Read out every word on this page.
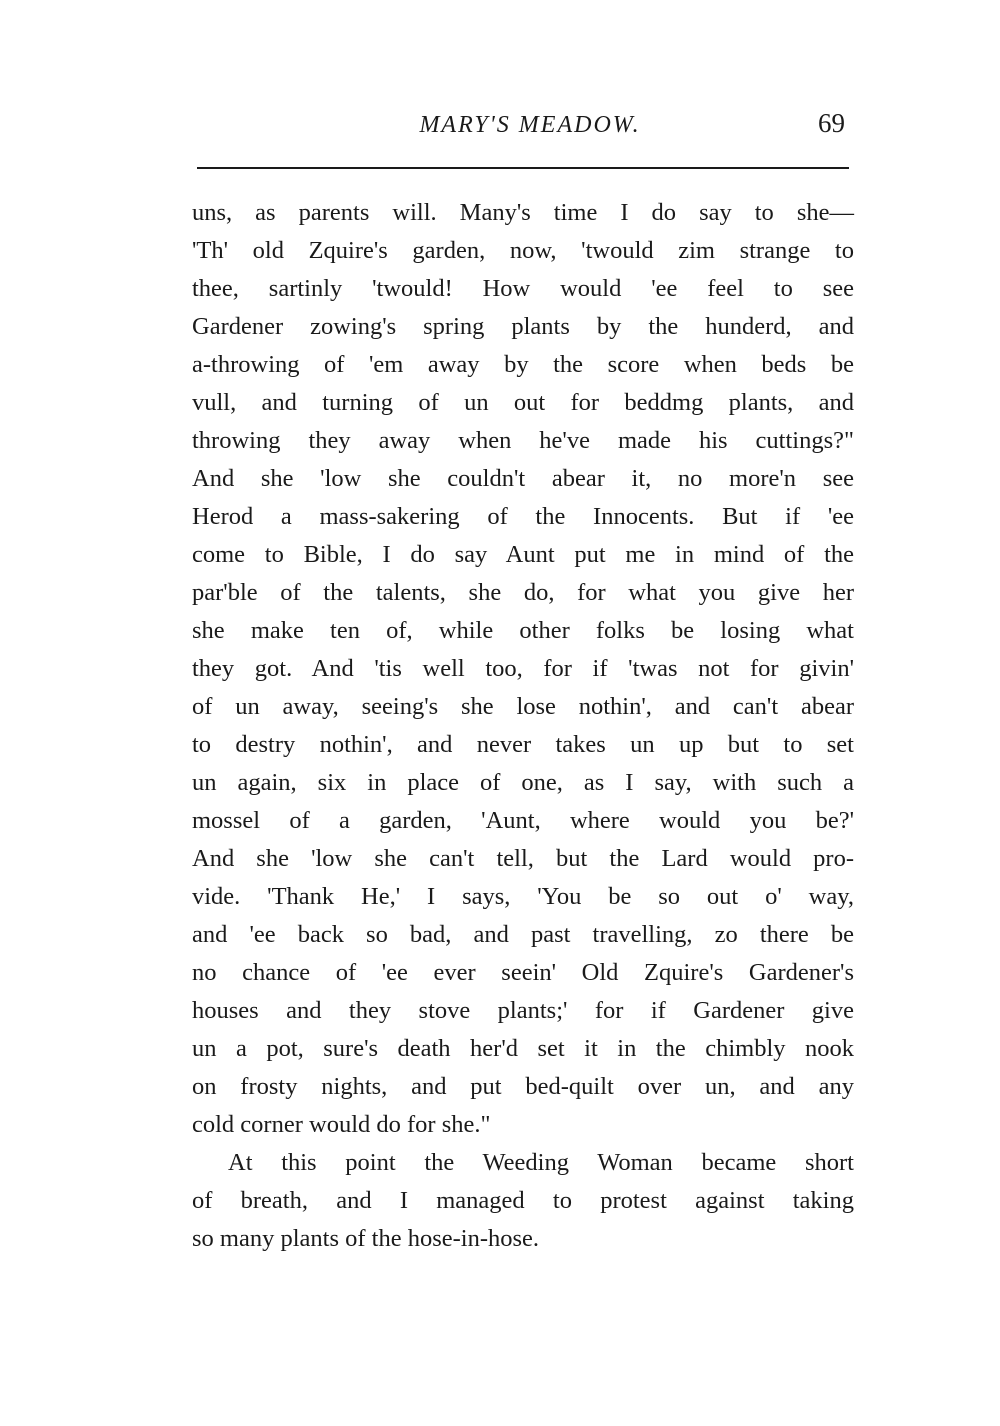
MARY'S MEADOW.	69
uns, as parents will. Many's time I do say to she—
'Th' old Zquire's garden, now, 'twould zim strange to
thee, sartinly 'twould! How would 'ee feel to see
Gardener zowing's spring plants by the hunderd, and
a-throwing of 'em away by the score when beds be
vull, and turning of un out for beddmg plants, and
throwing they away when he've made his cuttings?"
And she 'low she couldn't abear it, no more'n see
Herod a mass-sakering of the Innocents. But if 'ee
come to Bible, I do say Aunt put me in mind of the
par'ble of the talents, she do, for what you give her
she make ten of, while other folks be losing what
they got. And 'tis well too, for if 'twas not for givin'
of un away, seeing's she lose nothin', and can't abear
to destry nothin', and never takes un up but to set
un again, six in place of one, as I say, with such a
mossel of a garden, 'Aunt, where would you be?'
And she 'low she can't tell, but the Lard would pro-
vide. 'Thank He,' I says, 'You be so out o' way,
and 'ee back so bad, and past travelling, zo there be
no chance of 'ee ever seein' Old Zquire's Gardener's
houses and they stove plants;' for if Gardener give
un a pot, sure's death her'd set it in the chimbly nook
on frosty nights, and put bed-quilt over un, and any
cold corner would do for she."
At this point the Weeding Woman became short
of breath, and I managed to protest against taking
so many plants of the hose-in-hose.
